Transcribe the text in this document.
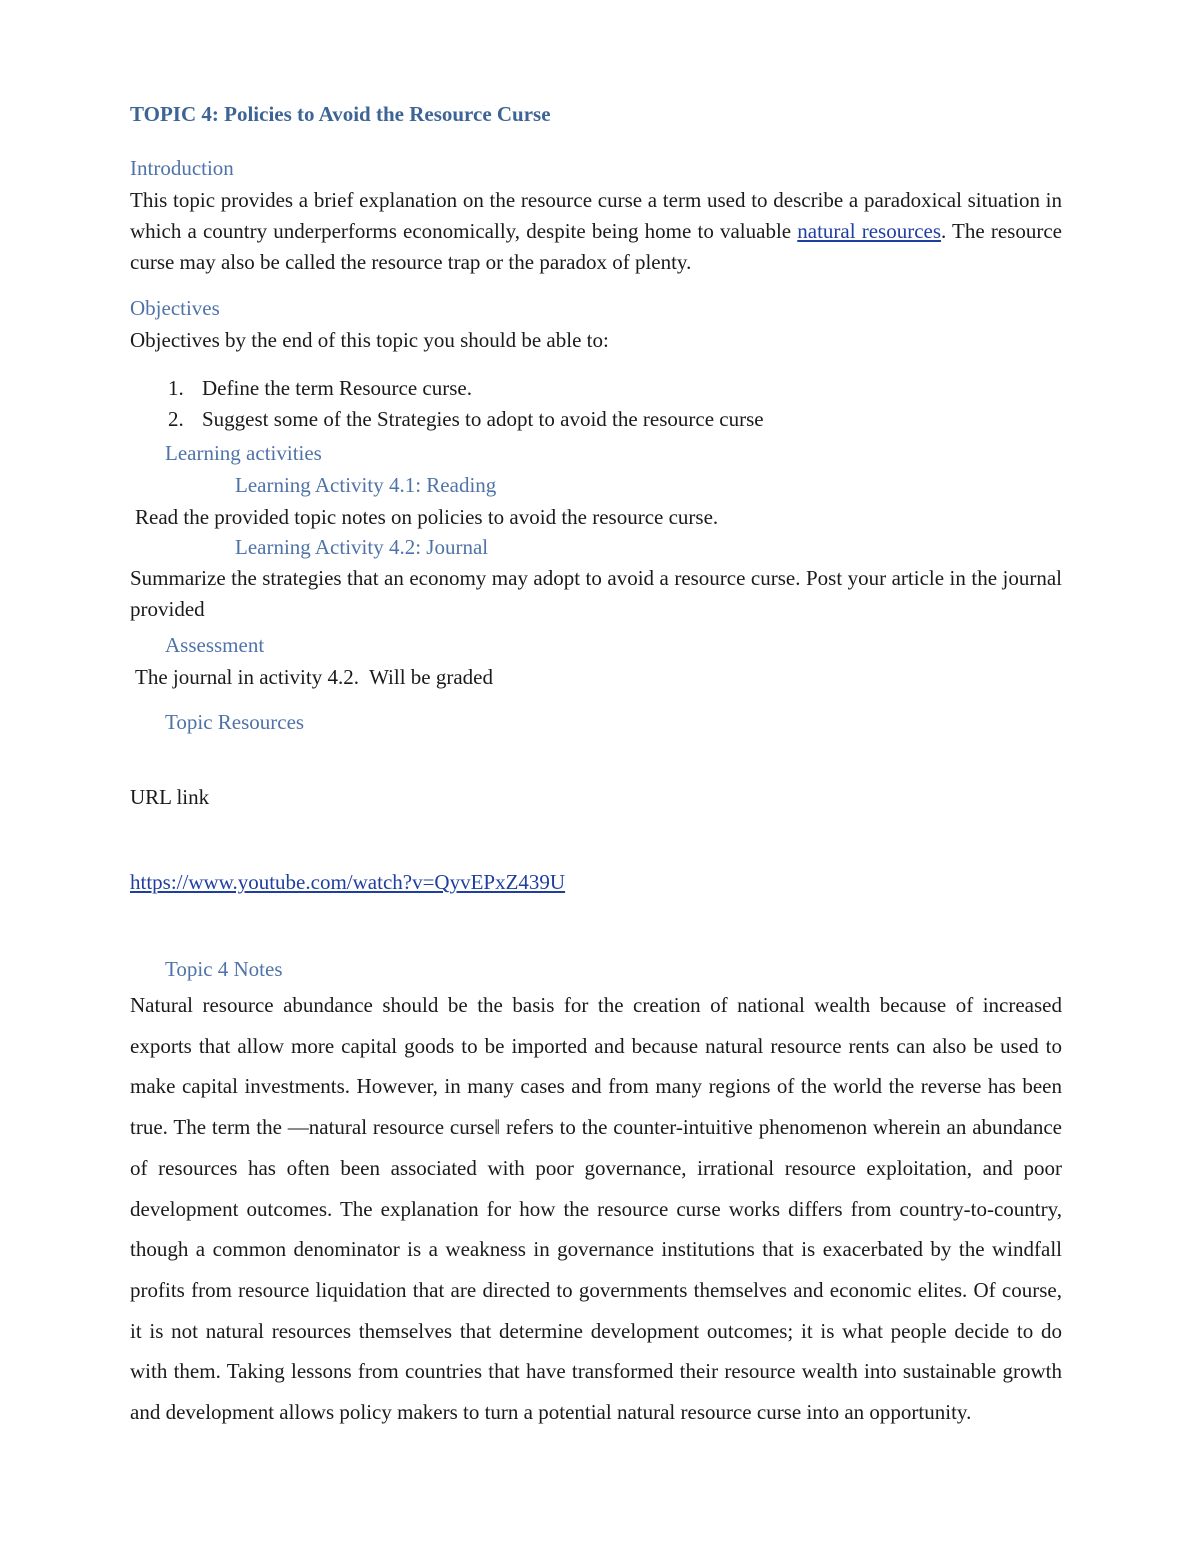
TOPIC 4: Policies to Avoid the Resource Curse
Introduction
This topic provides a brief explanation on the resource curse a term used to describe a paradoxical situation in which a country underperforms economically, despite being home to valuable natural resources. The resource curse may also be called the resource trap or the paradox of plenty.
Objectives
Objectives by the end of this topic you should be able to:
1. Define the term Resource curse.
2. Suggest some of the Strategies to adopt to avoid the resource curse
Learning activities
Learning Activity 4.1: Reading
Read the provided topic notes on policies to avoid the resource curse.
Learning Activity 4.2: Journal
Summarize the strategies that an economy may adopt to avoid a resource curse. Post your article in the journal provided
Assessment
The journal in activity 4.2.  Will be graded
Topic Resources
URL link
https://www.youtube.com/watch?v=QyvEPxZ439U
Topic 4 Notes
Natural resource abundance should be the basis for the creation of national wealth because of increased exports that allow more capital goods to be imported and because natural resource rents can also be used to make capital investments. However, in many cases and from many regions of the world the reverse has been true. The term the —natural resource curse‖ refers to the counter-intuitive phenomenon wherein an abundance of resources has often been associated with poor governance, irrational resource exploitation, and poor development outcomes. The explanation for how the resource curse works differs from country-to-country, though a common denominator is a weakness in governance institutions that is exacerbated by the windfall profits from resource liquidation that are directed to governments themselves and economic elites. Of course, it is not natural resources themselves that determine development outcomes; it is what people decide to do with them. Taking lessons from countries that have transformed their resource wealth into sustainable growth and development allows policy makers to turn a potential natural resource curse into an opportunity.
